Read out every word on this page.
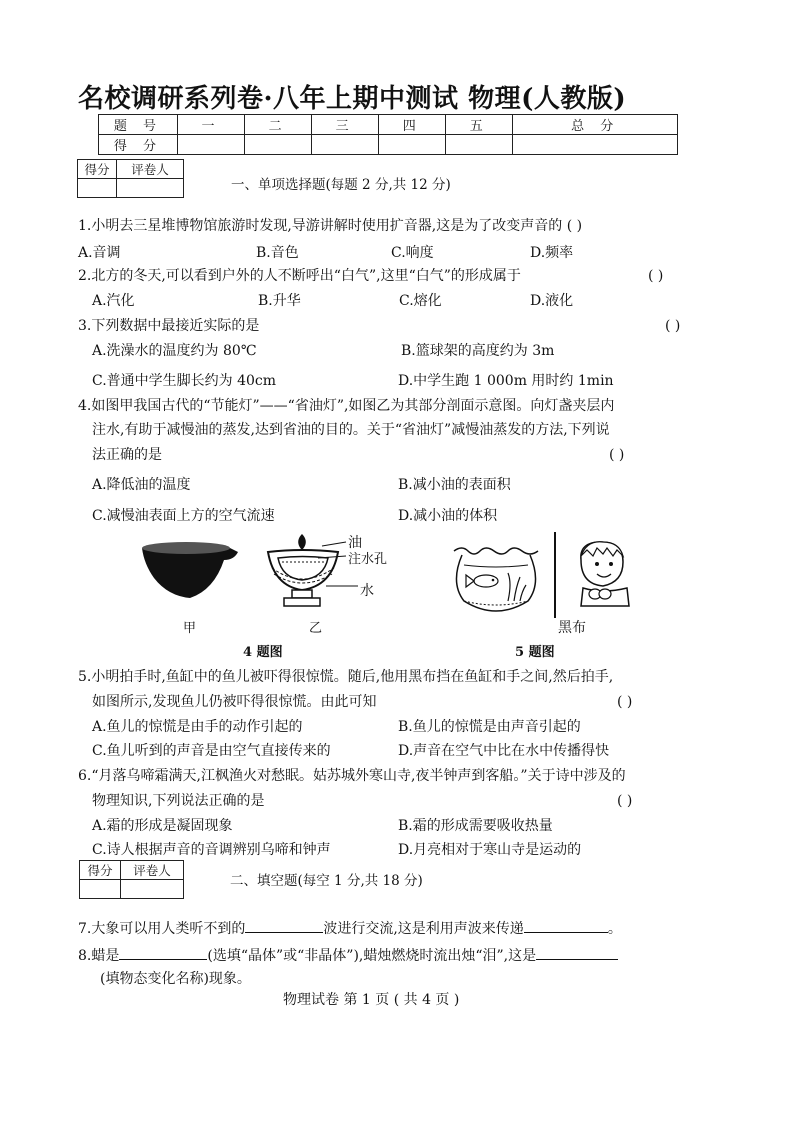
名校调研系列卷·八年上期中测试 物理(人教版)
题 号	一	二	三	四	五	总 分
得 分						
得分	评卷人

一、单项选择题(每题 2 分,共 12 分)
1.小明去三星堆博物馆旅游时发现,导游讲解时使用扩音器,这是为了改变声音的 ( )
A.音调	B.音色	C.响度	D.频率
2.北方的冬天,可以看到户外的人不断呼出“白气”,这里“白气”的形成属于	( )
A.汽化	B.升华	C.熔化	D.液化
3.下列数据中最接近实际的是	( )
A.洗澡水的温度约为 80℃	B.篮球架的高度约为 3m
C.普通中学生脚长约为 40cm	D.中学生跑 1 000m 用时约 1min
4.如图甲我国古代的“节能灯”——“省油灯”,如图乙为其部分剖面示意图。向灯盏夹层内
注水,有助于减慢油的蒸发,达到省油的目的。关于“省油灯”减慢油蒸发的方法,下列说
法正确的是	( )
A.降低油的温度	B.减小油的表面积
C.减慢油表面上方的空气流速	D.减小油的体积
油
注水孔
水
甲	乙
4 题图
黑布
5 题图
5.小明拍手时,鱼缸中的鱼儿被吓得很惊慌。随后,他用黑布挡在鱼缸和手之间,然后拍手,
如图所示,发现鱼儿仍被吓得很惊慌。由此可知	( )
A.鱼儿的惊慌是由手的动作引起的	B.鱼儿的惊慌是由声音引起的
C.鱼儿听到的声音是由空气直接传来的	D.声音在空气中比在水中传播得快
6.“月落乌啼霜满天,江枫渔火对愁眠。姑苏城外寒山寺,夜半钟声到客船。”关于诗中涉及的
物理知识,下列说法正确的是	( )
A.霜的形成是凝固现象	B.霜的形成需要吸收热量
C.诗人根据声音的音调辨别乌啼和钟声	D.月亮相对于寒山寺是运动的
得分	评卷人

二、填空题(每空 1 分,共 18 分)
7.大象可以用人类听不到的	波进行交流,这是利用声波来传递	。
8.蜡是	(选填“晶体”或“非晶体”),蜡烛燃烧时流出烛“泪”,这是
(填物态变化名称)现象。
物理试卷 第 1 页 ( 共 4 页 )
